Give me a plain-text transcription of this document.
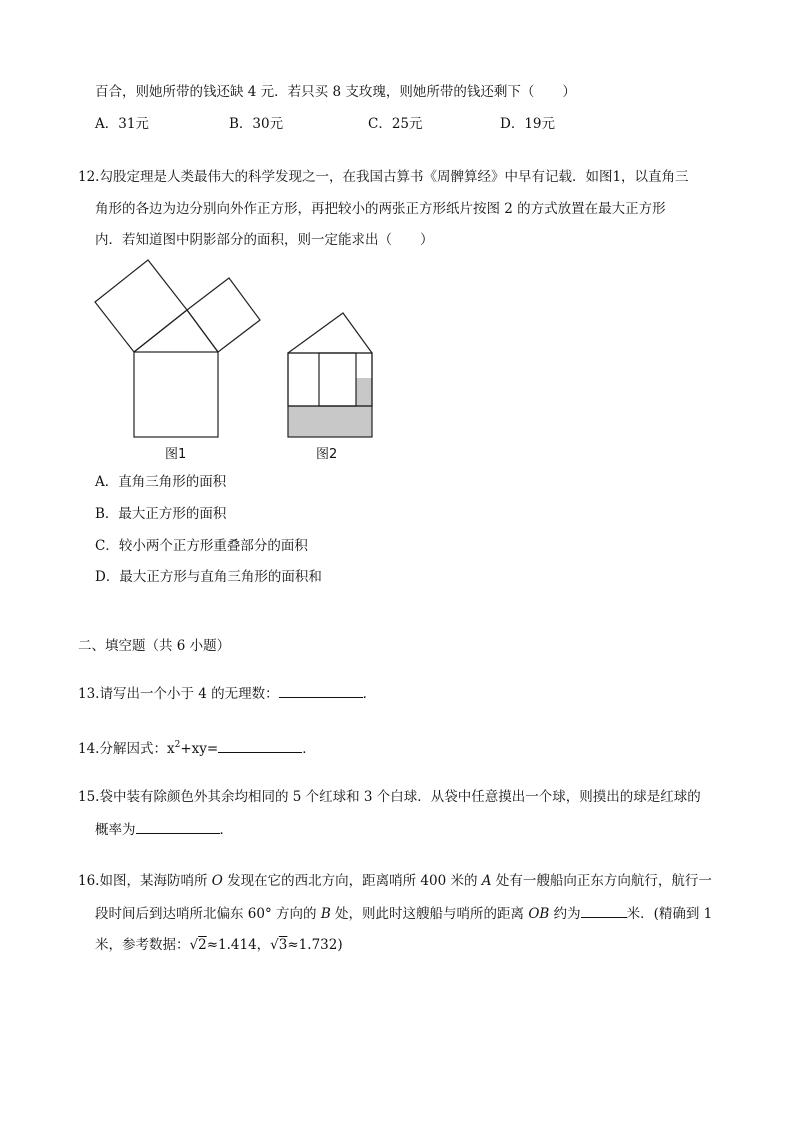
百合，则她所带的钱还缺 4 元．若只买 8 支玫瑰，则她所带的钱还剩下（ ）
A．31元	B．30元	C．25元	D．19元
12.勾股定理是人类最伟大的科学发现之一，在我国古算书《周髀算经》中早有记载．如图1，以直角三
角形的各边为边分别向外作正方形，再把较小的两张正方形纸片按图 2 的方式放置在最大正方形
内．若知道图中阴影部分的面积，则一定能求出（ ）
图1	图2
A．直角三角形的面积
B．最大正方形的面积
C．较小两个正方形重叠部分的面积
D．最大正方形与直角三角形的面积和
二、填空题（共 6 小题）
13.请写出一个小于 4 的无理数：	．
14.分解因式：$x^2+xy=$	．
15.袋中装有除颜色外其余均相同的 5 个红球和 3 个白球．从袋中任意摸出一个球，则摸出的球是红球的
概率为	．
16.如图，某海防哨所 O 发现在它的西北方向，距离哨所 400 米的 A 处有一艘船向正东方向航行，航行一
段时间后到达哨所北偏东 60° 方向的 B 处，则此时这艘船与哨所的距离 OB 约为	米．(精确到 1
米，参考数据：√2≈1.414，√3≈1.732)
